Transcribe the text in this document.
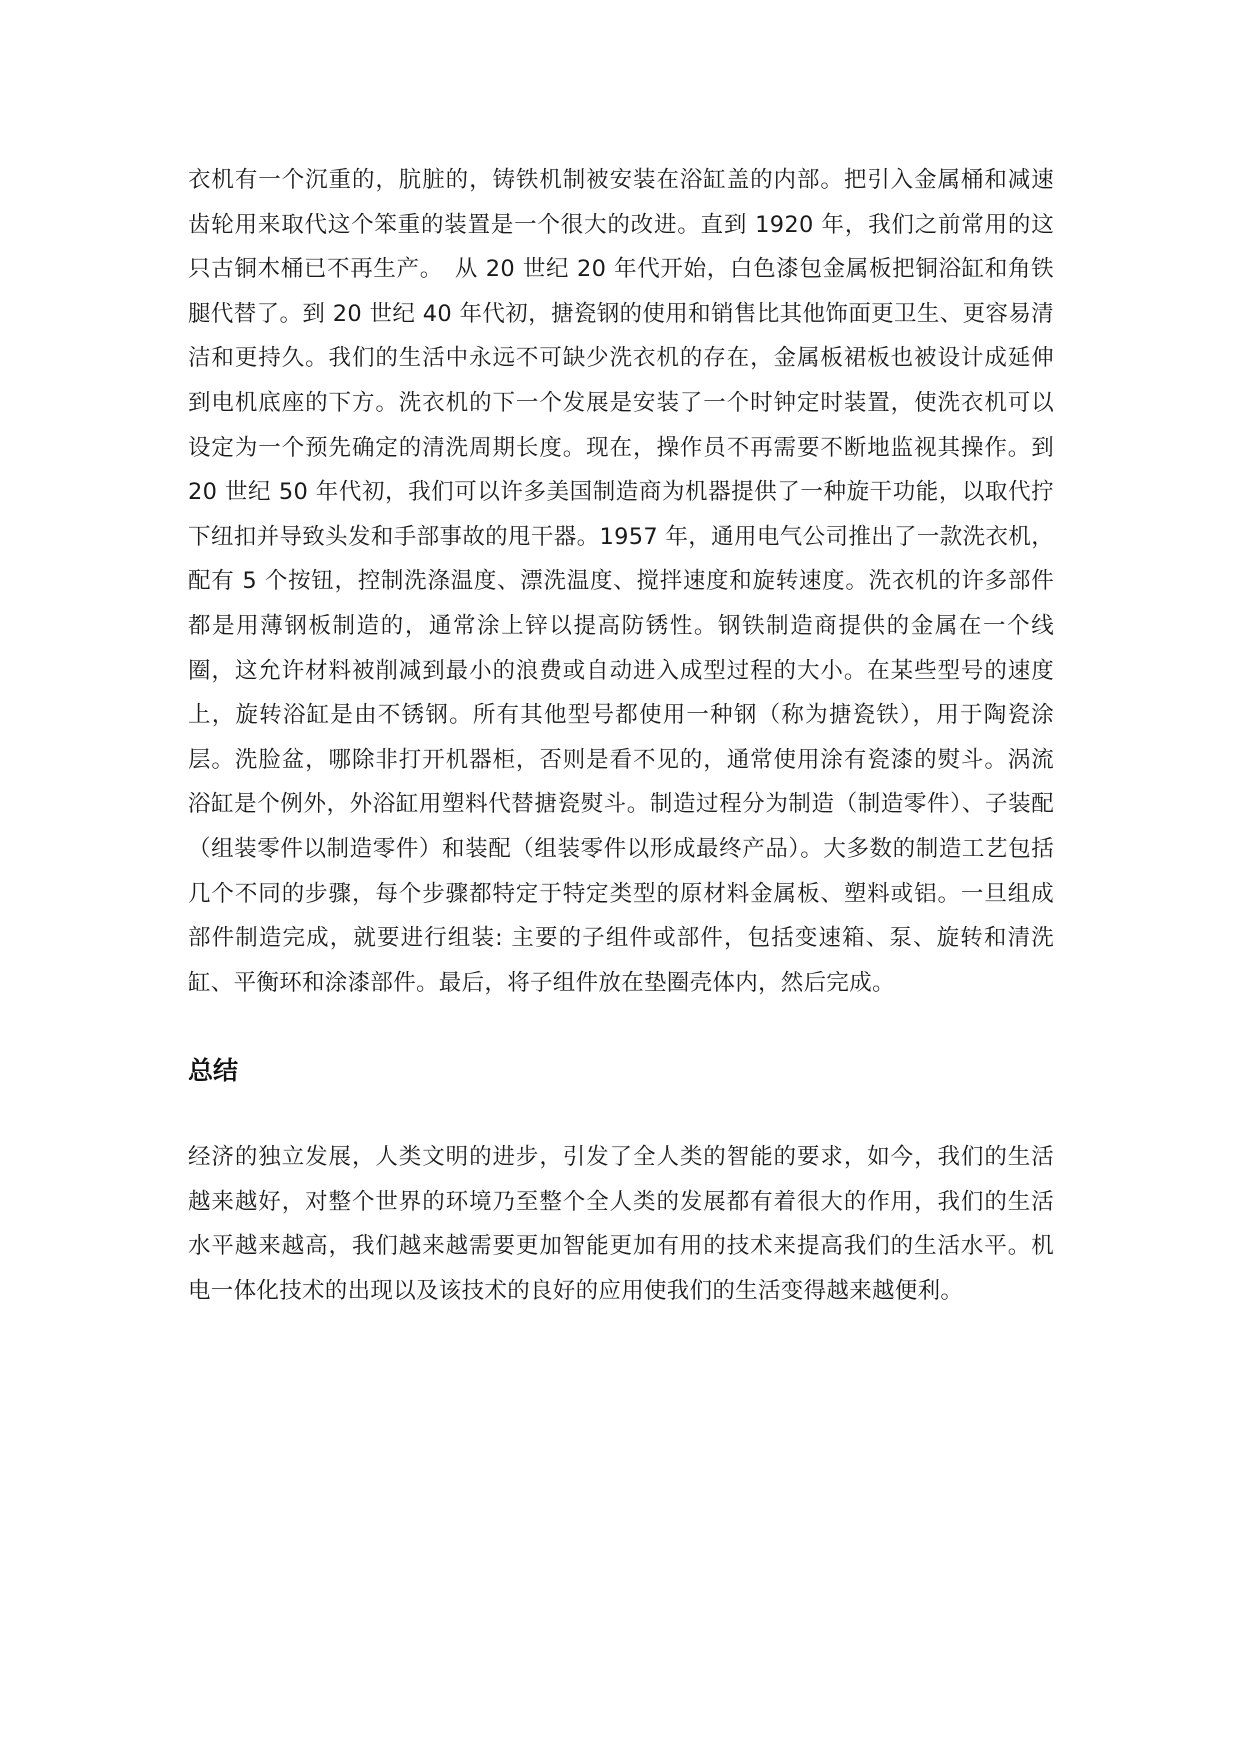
衣机有一个沉重的，肮脏的，铸铁机制被安装在浴缸盖的内部。把引入金属桶和减速齿轮用来取代这个笨重的装置是一个很大的改进。直到 1920 年，我们之前常用的这只古铜木桶已不再生产。　从 20 世纪 20 年代开始，白色漆包金属板把铜浴缸和角铁腿代替了。到 20 世纪 40 年代初，搪瓷钢的使用和销售比其他饰面更卫生、更容易清洁和更持久。我们的生活中永远不可缺少洗衣机的存在，金属板裙板也被设计成延伸到电机底座的下方。洗衣机的下一个发展是安装了一个时钟定时装置，使洗衣机可以设定为一个预先确定的清洗周期长度。现在，操作员不再需要不断地监视其操作。到 20 世纪 50 年代初，我们可以许多美国制造商为机器提供了一种旋干功能，以取代拧下纽扣并导致头发和手部事故的甩干器。1957 年，通用电气公司推出了一款洗衣机，配有 5 个按钮，控制洗涤温度、漂洗温度、搅拌速度和旋转速度。洗衣机的许多部件都是用薄钢板制造的，通常涂上锌以提高防锈性。钢铁制造商提供的金属在一个线圈，这允许材料被削减到最小的浪费或自动进入成型过程的大小。在某些型号的速度上，旋转浴缸是由不锈钢。所有其他型号都使用一种钢（称为搪瓷铁），用于陶瓷涂层。洗脸盆，哪除非打开机器柜，否则是看不见的，通常使用涂有瓷漆的熨斗。涡流浴缸是个例外，外浴缸用塑料代替搪瓷熨斗。制造过程分为制造（制造零件）、子装配（组装零件以制造零件）和装配（组装零件以形成最终产品）。大多数的制造工艺包括几个不同的步骤，每个步骤都特定于特定类型的原材料金属板、塑料或铝。一旦组成部件制造完成，就要进行组装: 主要的子组件或部件，包括变速箱、泵、旋转和清洗缸、平衡环和涂漆部件。最后，将子组件放在垫圈壳体内，然后完成。

总结

经济的独立发展，人类文明的进步，引发了全人类的智能的要求，如今，我们的生活越来越好，对整个世界的环境乃至整个全人类的发展都有着很大的作用，我们的生活水平越来越高，我们越来越需要更加智能更加有用的技术来提高我们的生活水平。机电一体化技术的出现以及该技术的良好的应用使我们的生活变得越来越便利。
